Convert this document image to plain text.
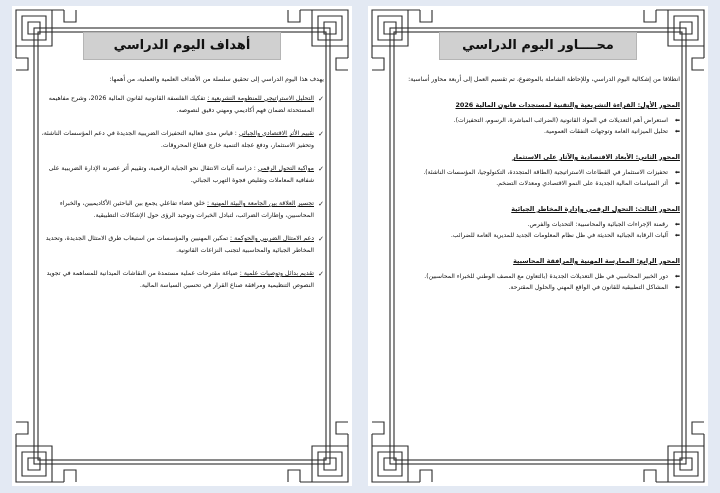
أهداف اليوم الدراسي
يهدف هذا اليوم الدراسي إلى تحقيق سلسلة من الأهداف العلمية والعملية، من أهمها:
✓
التحليل الاستراتيجي للمنظومة التشريعية : تفكيك الفلسفة القانونية لقانون المالية 2026، وشرح مفاهيمه المستحدثة لضمان فهم أكاديمي ومهني دقيق لنصوصه.
✓
تقييم الأثر الاقتصادي والجبائي : قياس مدى فعالية التحفيزات الضريبية الجديدة في دعم المؤسسات الناشئة، وتحفيز الاستثمار، ودفع عجلة التنمية خارج قطاع المحروقات.
✓
مواكبة التحول الرقمي : دراسة آليات الانتقال نحو الجباية الرقمية، وتقييم أثر عصرنة الإدارة الضريبية على شفافية المعاملات وتقليص فجوة التهرب الجبائي.
✓
تجسير العلاقة بين الجامعة والبيئة المهنية : خلق فضاء تفاعلي يجمع بين الباحثين الأكاديميين، والخبراء المحاسبين، وإطارات الضرائب، لتبادل الخبرات وتوحيد الرؤى حول الإشكالات التطبيقية.
✓
دعم الامتثال الضريبي والحوكمة : تمكين المهنيين والمؤسسات من استيعاب طرق الامتثال الجديدة، وتحديد المخاطر الجبائية والمحاسبية لتجنب النزاعات القانونية.
✓
تقديم بدائل وتوصيات علمية : صياغة مقترحات عملية مستمدة من النقاشات الميدانية للمساهمة في تجويد النصوص التنظيمية ومرافقة صناع القرار في تحسين السياسة المالية.
محــــاور اليوم الدراسي
انطلاقا من إشكالية اليوم الدراسي، وللإحاطة الشاملة بالموضوع، تم تقسيم العمل إلى أربعة محاور أساسية:
المحور الأول: القراءة التشريعية والتقنية لمستجدات قانون المالية 2026
⬅
استعراض أهم التعديلات في المواد القانونية (الضرائب المباشرة، الرسوم، التحفيزات).
⬅
تحليل الميزانية العامة وتوجهات النفقات العمومية.
المحور الثاني: الأبعاد الاقتصادية والآثار على الاستثمار
⬅
تحفيزات الاستثمار في القطاعات الاستراتيجية (الطاقة المتجددة، التكنولوجيا، المؤسسات الناشئة).
⬅
أثر السياسات المالية الجديدة على النمو الاقتصادي ومعدلات التضخم.
المحور الثالث: التحول الرقمي وإدارة المخاطر الجبائية
⬅
رقمنة الإجراءات الجبائية والمحاسبية: التحديات والفرص.
⬅
آليات الرقابة الجبائية الحديثة في ظل نظام المعلومات الجديد للمديرية العامة للضرائب.
المحور الرابع: الممارسة المهنية والمرافقة المحاسبية
⬅
دور الخبير المحاسبي في ظل التعديلات الجديدة (بالتعاون مع المصف الوطني للخبراء المحاسبين).
⬅
المشاكل التطبيقية للقانون في الواقع المهني والحلول المقترحة.
